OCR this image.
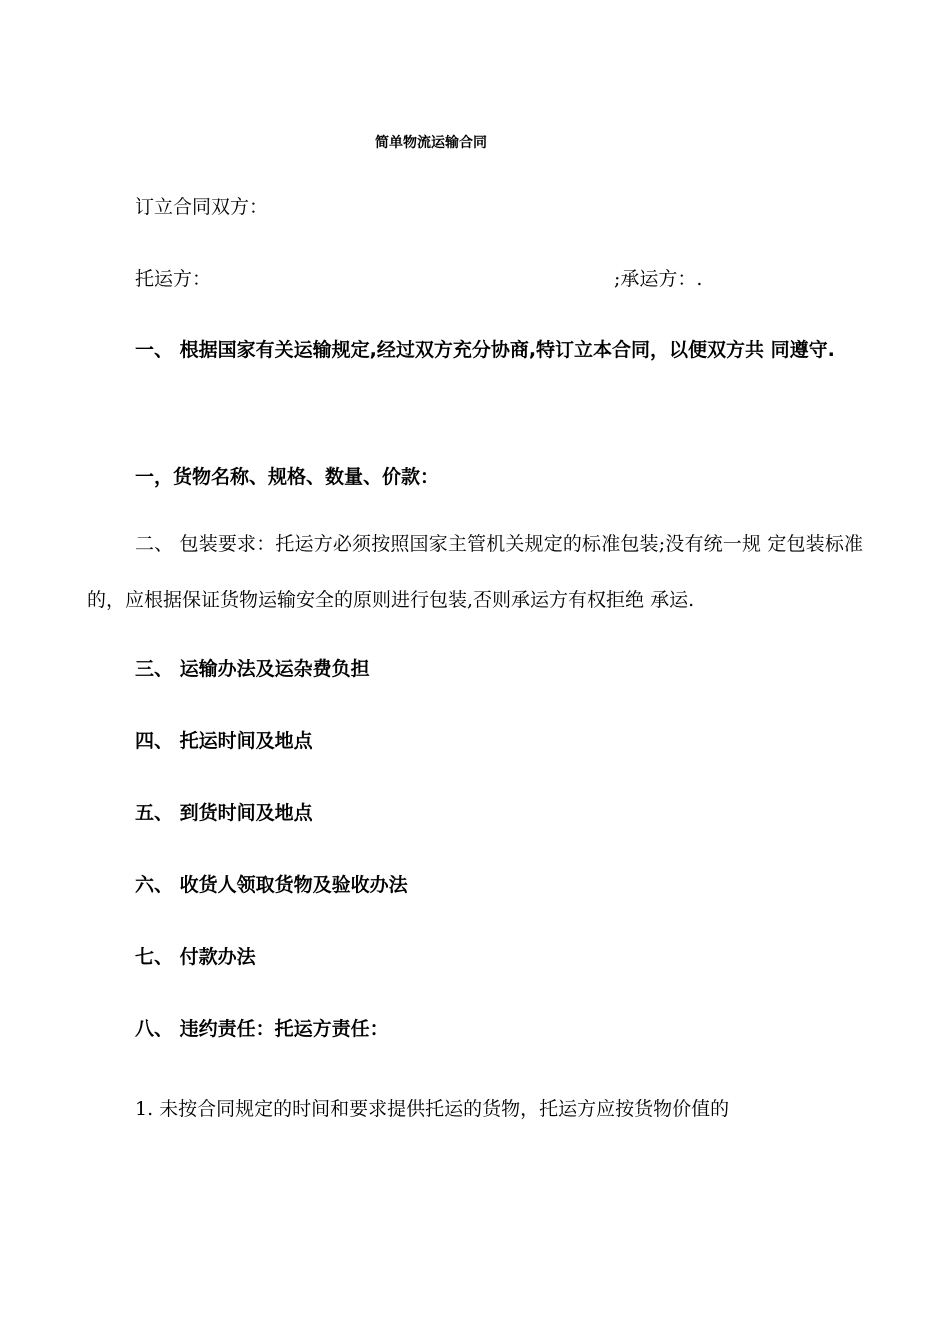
简单物流运输合同
订立合同双方：
托运方：	;承运方：.
一、 根据国家有关运输规定,经过双方充分协商,特订立本合同，以便双方共 同遵守.
一，货物名称、规格、数量、价款：
二、 包装要求：托运方必须按照国家主管机关规定的标准包装;没有统一规 定包装标准的，应根据保证货物运输安全的原则进行包装,否则承运方有权拒绝 承运.
三、 运输办法及运杂费负担
四、 托运时间及地点
五、 到货时间及地点
六、 收货人领取货物及验收办法
七、 付款办法
八、 违约责任：托运方责任：
1. 未按合同规定的时间和要求提供托运的货物，托运方应按货物价值的
